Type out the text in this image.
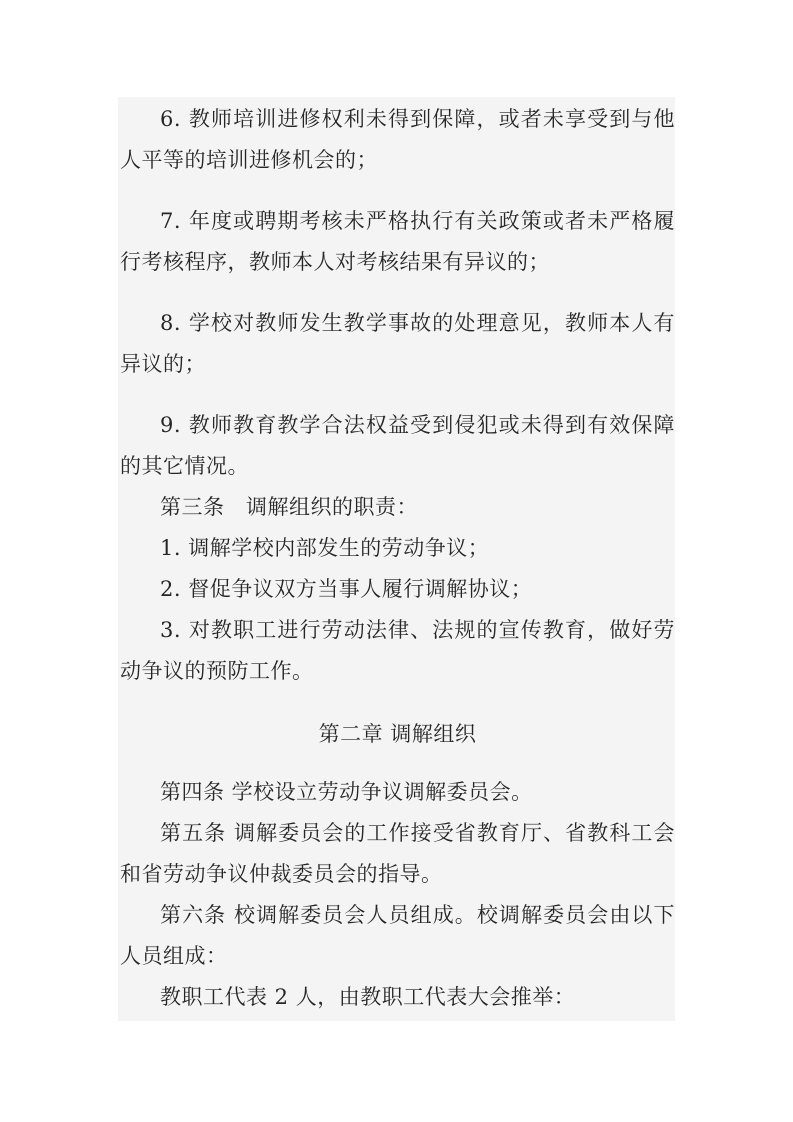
6. 教师培训进修权利未得到保障，或者未享受到与他人平等的培训进修机会的；

7. 年度或聘期考核未严格执行有关政策或者未严格履行考核程序，教师本人对考核结果有异议的；

8. 学校对教师发生教学事故的处理意见，教师本人有异议的；

9. 教师教育教学合法权益受到侵犯或未得到有效保障的其它情况。

第三条　调解组织的职责：

1. 调解学校内部发生的劳动争议；

2. 督促争议双方当事人履行调解协议；

3. 对教职工进行劳动法律、法规的宣传教育，做好劳动争议的预防工作。

第二章 调解组织

第四条 学校设立劳动争议调解委员会。

第五条 调解委员会的工作接受省教育厅、省教科工会和省劳动争议仲裁委员会的指导。

第六条 校调解委员会人员组成。校调解委员会由以下人员组成：

教职工代表 2 人，由教职工代表大会推举：
